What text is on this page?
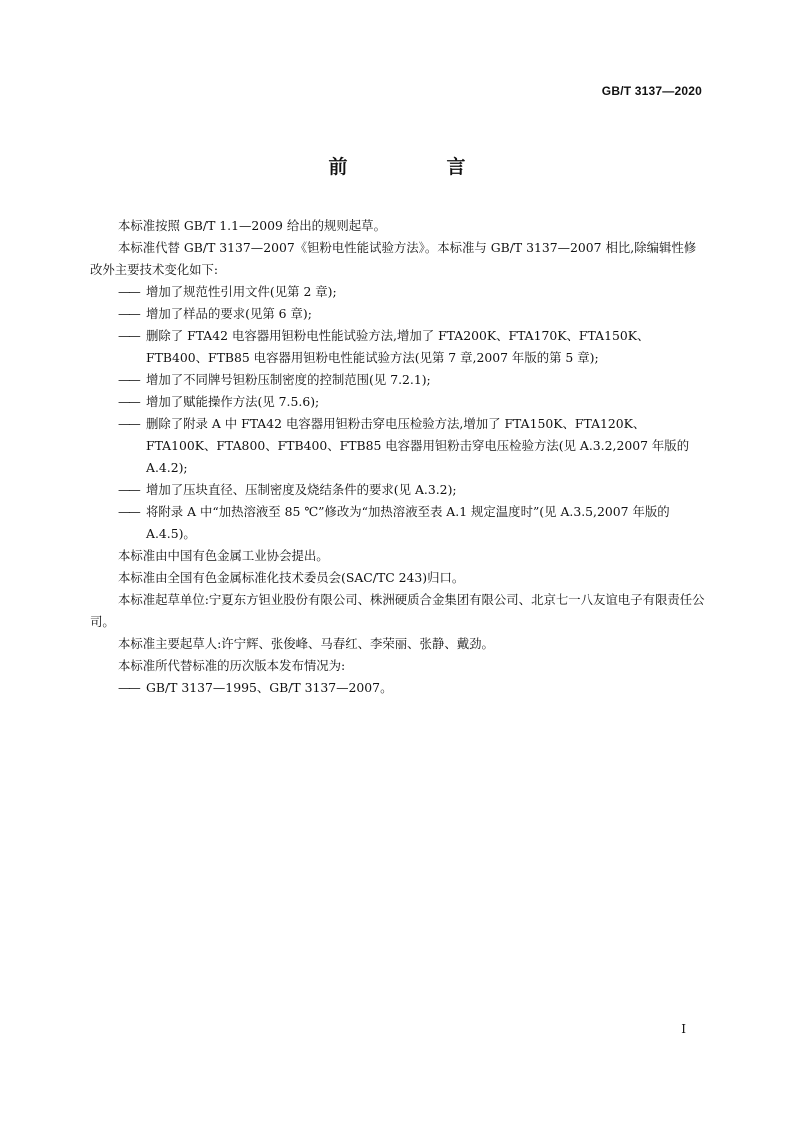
GB/T 3137—2020
前　言

本标准按照 GB/T 1.1—2009 给出的规则起草。

本标准代替 GB/T 3137—2007《钽粉电性能试验方法》。本标准与 GB/T 3137—2007 相比,除编辑性修改外主要技术变化如下:

—— 增加了规范性引用文件(见第 2 章);

—— 增加了样品的要求(见第 6 章);

—— 删除了 FTA42 电容器用钽粉电性能试验方法,增加了 FTA200K、FTA170K、FTA150K、FTB400、FTB85 电容器用钽粉电性能试验方法(见第 7 章,2007 年版的第 5 章);

—— 增加了不同牌号钽粉压制密度的控制范围(见 7.2.1);

—— 增加了赋能操作方法(见 7.5.6);

—— 删除了附录 A 中 FTA42 电容器用钽粉击穿电压检验方法,增加了 FTA150K、FTA120K、FTA100K、FTA800、FTB400、FTB85 电容器用钽粉击穿电压检验方法(见 A.3.2,2007 年版的 A.4.2);

—— 增加了压块直径、压制密度及烧结条件的要求(见 A.3.2);

—— 将附录 A 中“加热溶液至 85 ℃”修改为“加热溶液至表 A.1 规定温度时”(见 A.3.5,2007 年版的 A.4.5)。

本标准由中国有色金属工业协会提出。

本标准由全国有色金属标准化技术委员会(SAC/TC 243)归口。

本标准起草单位:宁夏东方钽业股份有限公司、株洲硬质合金集团有限公司、北京七一八友谊电子有限责任公司。

本标准主要起草人:许宁辉、张俊峰、马春红、李荣丽、张静、戴劲。

本标准所代替标准的历次版本发布情况为:

—— GB/T 3137—1995、GB/T 3137—2007。

I
